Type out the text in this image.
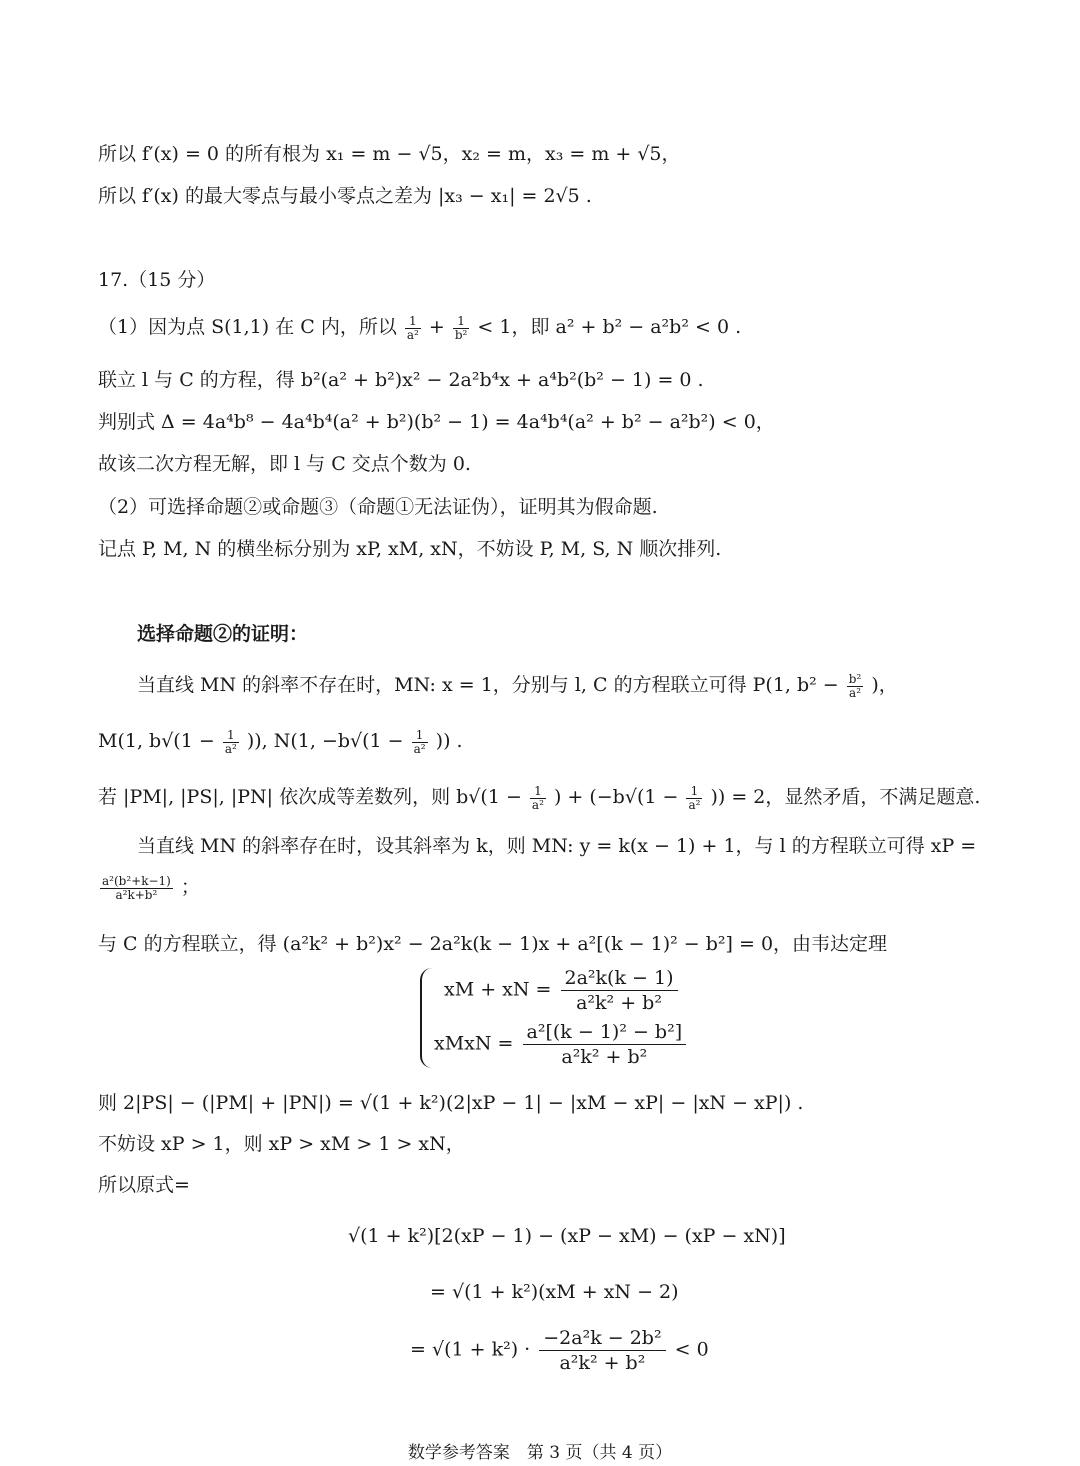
所以 f′(x) = 0 的所有根为 x₁ = m − √5，x₂ = m，x₃ = m + √5，
所以 f′(x) 的最大零点与最小零点之差为 |x₃ − x₁| = 2√5 .
17.（15 分）
（1）因为点 S(1,1) 在 C 内，所以 $\frac{1}{\text{a²}} + \frac{1}{\text{b²}} < 1$，即 a² + b² − a²b² < 0 .
联立 l 与 C 的方程，得 b²(a² + b²)x² − 2a²b⁴x + a⁴b²(b² − 1) = 0 .
判别式 Δ = 4a⁴b⁸ − 4a⁴b⁴(a² + b²)(b² − 1) = 4a⁴b⁴(a² + b² − a²b²) < 0，
故该二次方程无解，即 l 与 C 交点个数为 0.
（2）可选择命题②或命题③（命题①无法证伪），证明其为假命题.
记点 P, M, N 的横坐标分别为 xP, xM, xN，不妨设 P, M, S, N 顺次排列.
选择命题②的证明：
当直线 MN 的斜率不存在时，MN: x = 1，分别与 l, C 的方程联立可得 P(1, $b^2 - \frac{\text{b²}}{\text{a²}}$ )，
M(1, $b√(1 - \frac{1}{\text{a²}}$ )), N(1, $-b√(1 - \frac{1}{\text{a²}}$ )) .
若 |PM|, |PS|, |PN| 依次成等差数列，则 $b√(1 - \frac{1}{\text{a²}}$ ) + ($-b√(1 - \frac{1}{\text{a²}}$ )) = 2，显然矛盾，不满足题意.
当直线 MN 的斜率存在时，设其斜率为 k，则 MN: y = k(x − 1) + 1，与 l 的方程联立可得 xP =
$\frac{\text{a²(b²+k−1)}}{\text{a²k+b²}}$ ；
与 C 的方程联立，得 (a²k² + b²)x² − 2a²k(k − 1)x + a²[(k − 1)² − b²] = 0，由韦达定理
xM + xN = $\frac{\text{2a²k(k − 1)}}{\text{a²k² + b²}}$
xMxN = $\frac{\text{a²[(k − 1)² − b²]}}{\text{a²k² + b²}}$
则 2|PS| − (|PM| + |PN|) = √(1 + k²)(2|xP − 1| − |xM − xP| − |xN − xP|) .
不妨设 xP > 1，则 xP > xM > 1 > xN，
所以原式=
√(1 + k²)[2(xP − 1) − (xP − xM) − (xP − xN)]
= √(1 + k²)(xM + xN − 2)
= $√(1 + k^2) \cdot \frac{\text{−2a²k − 2b²}}{\text{a²k² + b²}} < 0$
数学参考答案　第 3 页（共 4 页）
